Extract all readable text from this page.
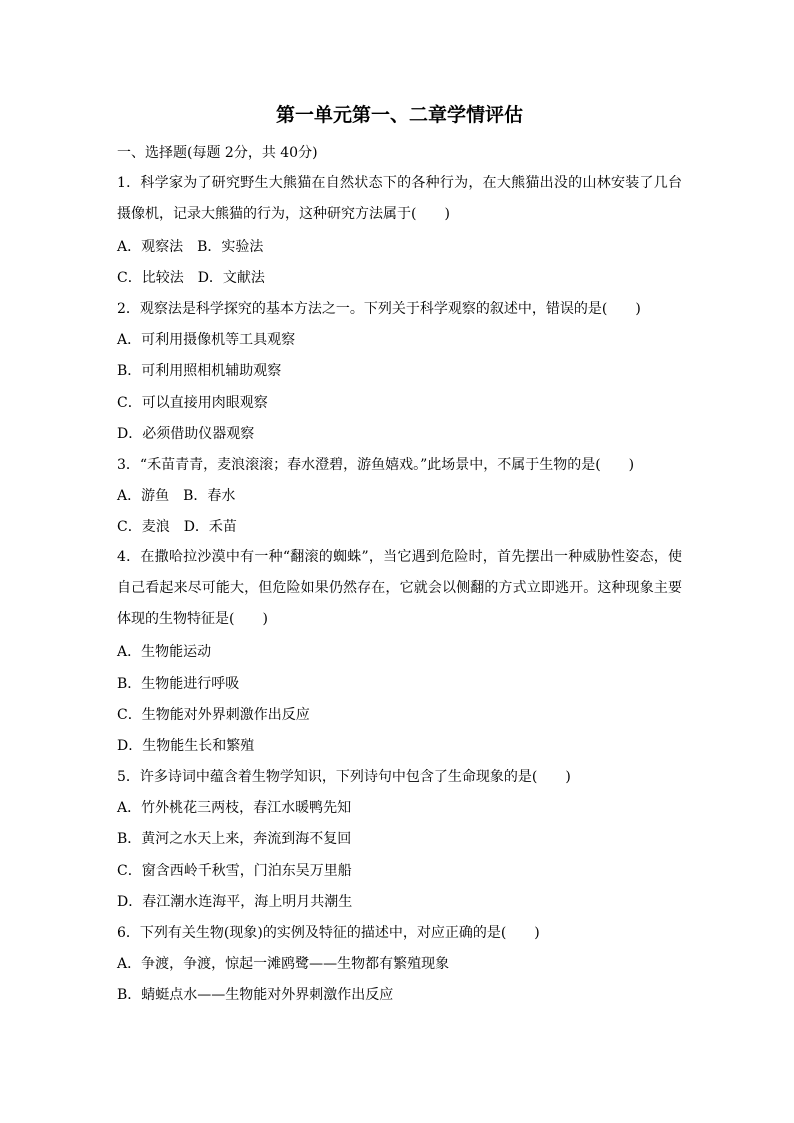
第一单元第一、二章学情评估
一、选择题(每题 2分，共 40分)
1．科学家为了研究野生大熊猫在自然状态下的各种行为，在大熊猫出没的山林安装了几台摄像机，记录大熊猫的行为，这种研究方法属于(　　)
A．观察法　B．实验法
C．比较法　D．文献法
2．观察法是科学探究的基本方法之一。下列关于科学观察的叙述中，错误的是(　　)
A．可利用摄像机等工具观察
B．可利用照相机辅助观察
C．可以直接用肉眼观察
D．必须借助仪器观察
3．“禾苗青青，麦浪滚滚；春水澄碧，游鱼嬉戏。”此场景中，不属于生物的是(　　)
A．游鱼　B．春水
C．麦浪　D．禾苗
4．在撒哈拉沙漠中有一种“翻滚的蜘蛛”，当它遇到危险时，首先摆出一种威胁性姿态，使自己看起来尽可能大，但危险如果仍然存在，它就会以侧翻的方式立即逃开。这种现象主要体现的生物特征是(　　)
A．生物能运动
B．生物能进行呼吸
C．生物能对外界刺激作出反应
D．生物能生长和繁殖
5．许多诗词中蕴含着生物学知识，下列诗句中包含了生命现象的是(　　)
A．竹外桃花三两枝，春江水暖鸭先知
B．黄河之水天上来，奔流到海不复回
C．窗含西岭千秋雪，门泊东吴万里船
D．春江潮水连海平，海上明月共潮生
6．下列有关生物(现象)的实例及特征的描述中，对应正确的是(　　)
A．争渡，争渡，惊起一滩鸥鹭——生物都有繁殖现象
B．蜻蜓点水——生物能对外界刺激作出反应
